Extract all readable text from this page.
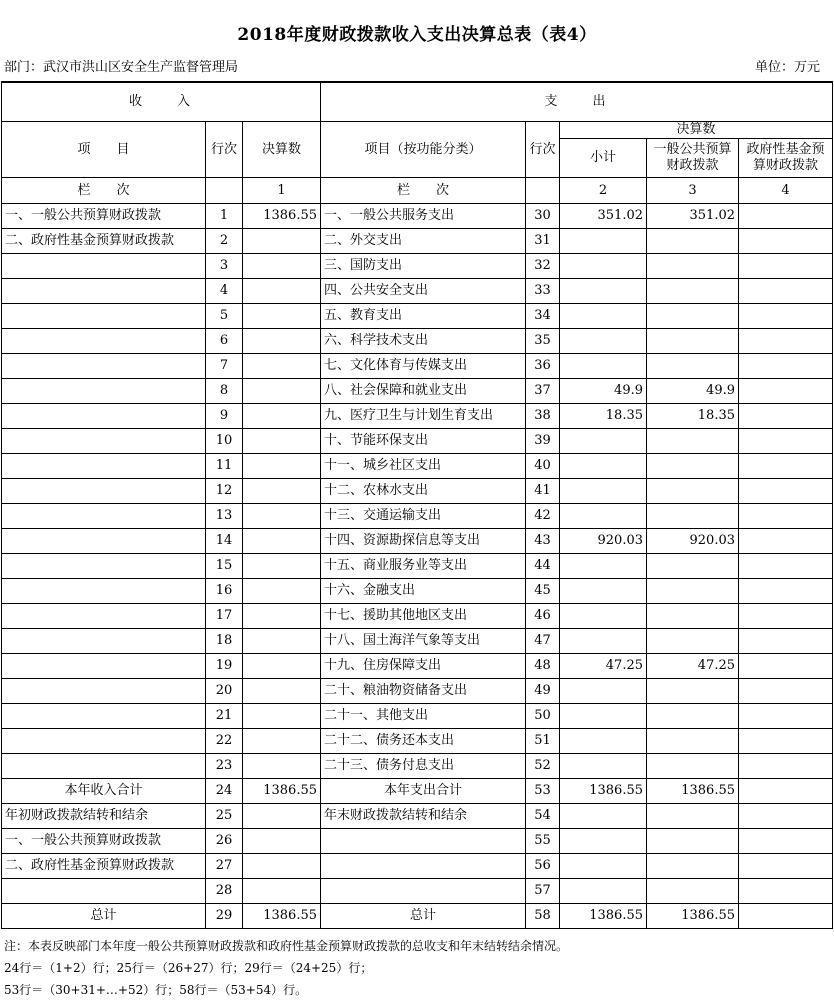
2018年度财政拨款收入支出决算总表（表4）
部门：武汉市洪山区安全生产监督管理局	单位：万元
收　　入			支　　出				
项　　目	行次	决算数	项目（按功能分类）	行次	决算数		
					小计	一般公共预算财政拨款	政府性基金预算财政拨款
栏　　次		1	栏　　次		2	3	4
一、一般公共预算财政拨款	1	1386.55	一、一般公共服务支出	30	351.02	351.02	
二、政府性基金预算财政拨款	2		二、外交支出	31			
	3		三、国防支出	32			
	4		四、公共安全支出	33			
	5		五、教育支出	34			
	6		六、科学技术支出	35			
	7		七、文化体育与传媒支出	36			
	8		八、社会保障和就业支出	37	49.9	49.9	
	9		九、医疗卫生与计划生育支出	38	18.35	18.35	
	10		十、节能环保支出	39			
	11		十一、城乡社区支出	40			
	12		十二、农林水支出	41			
	13		十三、交通运输支出	42			
	14		十四、资源勘探信息等支出	43	920.03	920.03	
	15		十五、商业服务业等支出	44			
	16		十六、金融支出	45			
	17		十七、援助其他地区支出	46			
	18		十八、国土海洋气象等支出	47			
	19		十九、住房保障支出	48	47.25	47.25	
	20		二十、粮油物资储备支出	49			
	21		二十一、其他支出	50			
	22		二十二、债务还本支出	51			
	23		二十三、债务付息支出	52			
本年收入合计	24	1386.55	本年支出合计	53	1386.55	1386.55	
年初财政拨款结转和结余	25		年末财政拨款结转和结余	54			
一、一般公共预算财政拨款	26			55			
二、政府性基金预算财政拨款	27			56			
	28			57			
总计	29	1386.55	总计	58	1386.55	1386.55	
注：本表反映部门本年度一般公共预算财政拨款和政府性基金预算财政拨款的总收支和年末结转结余情况。
24行＝（1+2）行；25行＝（26+27）行；29行＝（24+25）行；
53行＝（30+31+…+52）行；58行＝（53+54）行。
